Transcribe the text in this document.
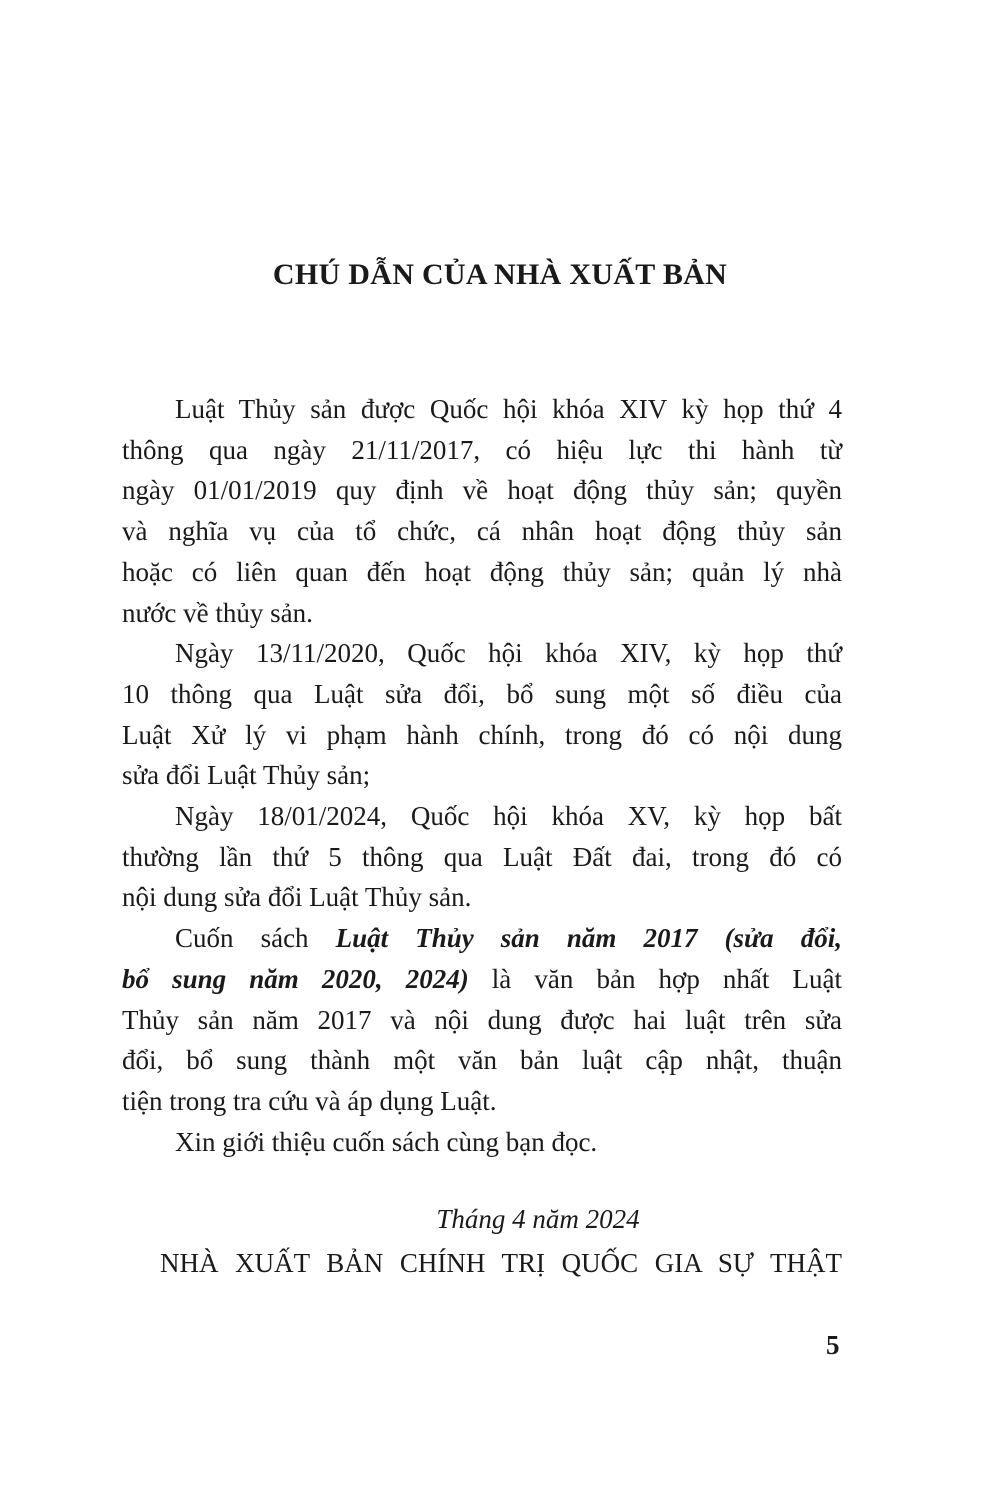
CHÚ DẪN CỦA NHÀ XUẤT BẢN
Luật Thủy sản được Quốc hội khóa XIV kỳ họp thứ 4
thông qua ngày 21/11/2017, có hiệu lực thi hành từ
ngày 01/01/2019 quy định về hoạt động thủy sản; quyền
và nghĩa vụ của tổ chức, cá nhân hoạt động thủy sản
hoặc có liên quan đến hoạt động thủy sản; quản lý nhà
nước về thủy sản.
Ngày 13/11/2020, Quốc hội khóa XIV, kỳ họp thứ
10 thông qua Luật sửa đổi, bổ sung một số điều của
Luật Xử lý vi phạm hành chính, trong đó có nội dung
sửa đổi Luật Thủy sản;
Ngày 18/01/2024, Quốc hội khóa XV, kỳ họp bất
thường lần thứ 5 thông qua Luật Đất đai, trong đó có
nội dung sửa đổi Luật Thủy sản.
Cuốn sách Luật Thủy sản năm 2017 (sửa đổi,
bổ sung năm 2020, 2024) là văn bản hợp nhất Luật
Thủy sản năm 2017 và nội dung được hai luật trên sửa
đổi, bổ sung thành một văn bản luật cập nhật, thuận
tiện trong tra cứu và áp dụng Luật.
Xin giới thiệu cuốn sách cùng bạn đọc.
Tháng 4 năm 2024
NHÀ XUẤT BẢN CHÍNH TRỊ QUỐC GIA SỰ THẬT
5
